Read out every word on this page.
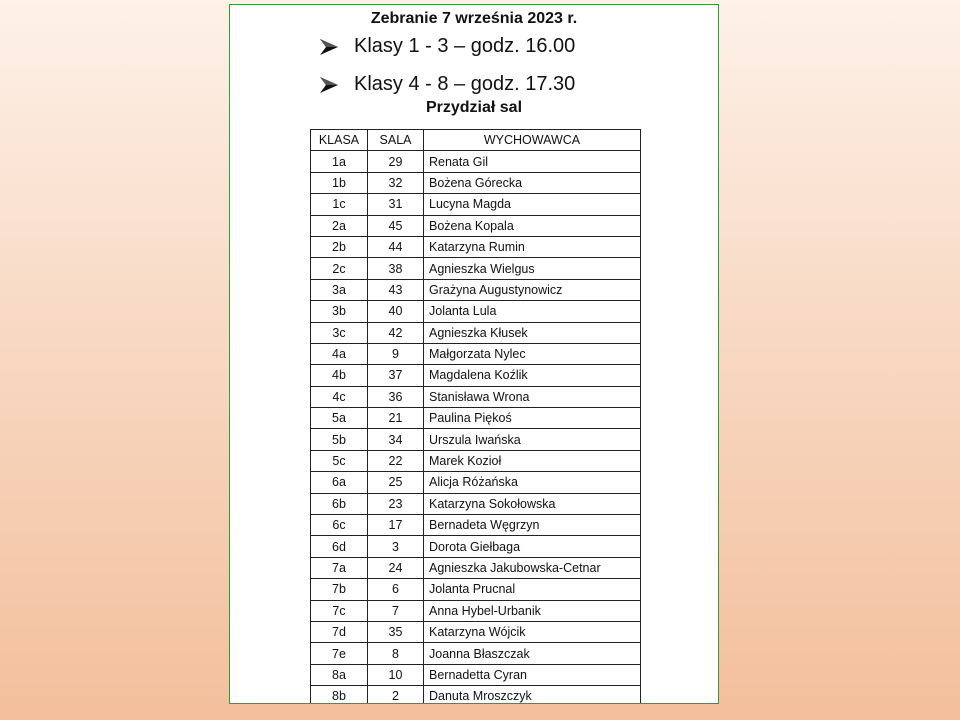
Zebranie 7 września 2023 r.
Klasy 1 - 3 – godz. 16.00
Klasy 4 - 8 – godz. 17.30
Przydział sal
KLASA	SALA	WYCHOWAWCA
1a	29	Renata Gil
1b	32	Bożena Górecka
1c	31	Lucyna Magda
2a	45	Bożena Kopala
2b	44	Katarzyna Rumin
2c	38	Agnieszka Wielgus
3a	43	Grażyna Augustynowicz
3b	40	Jolanta Lula
3c	42	Agnieszka Kłusek
4a	9	Małgorzata Nylec
4b	37	Magdalena Koźlik
4c	36	Stanisława Wrona
5a	21	Paulina Piękoś
5b	34	Urszula Iwańska
5c	22	Marek Kozioł
6a	25	Alicja Różańska
6b	23	Katarzyna Sokołowska
6c	17	Bernadeta Węgrzyn
6d	3	Dorota Giełbaga
7a	24	Agnieszka Jakubowska-Cetnar
7b	6	Jolanta Prucnal
7c	7	Anna Hybel-Urbanik
7d	35	Katarzyna Wójcik
7e	8	Joanna Błaszczak
8a	10	Bernadetta Cyran
8b	2	Danuta Mroszczyk
